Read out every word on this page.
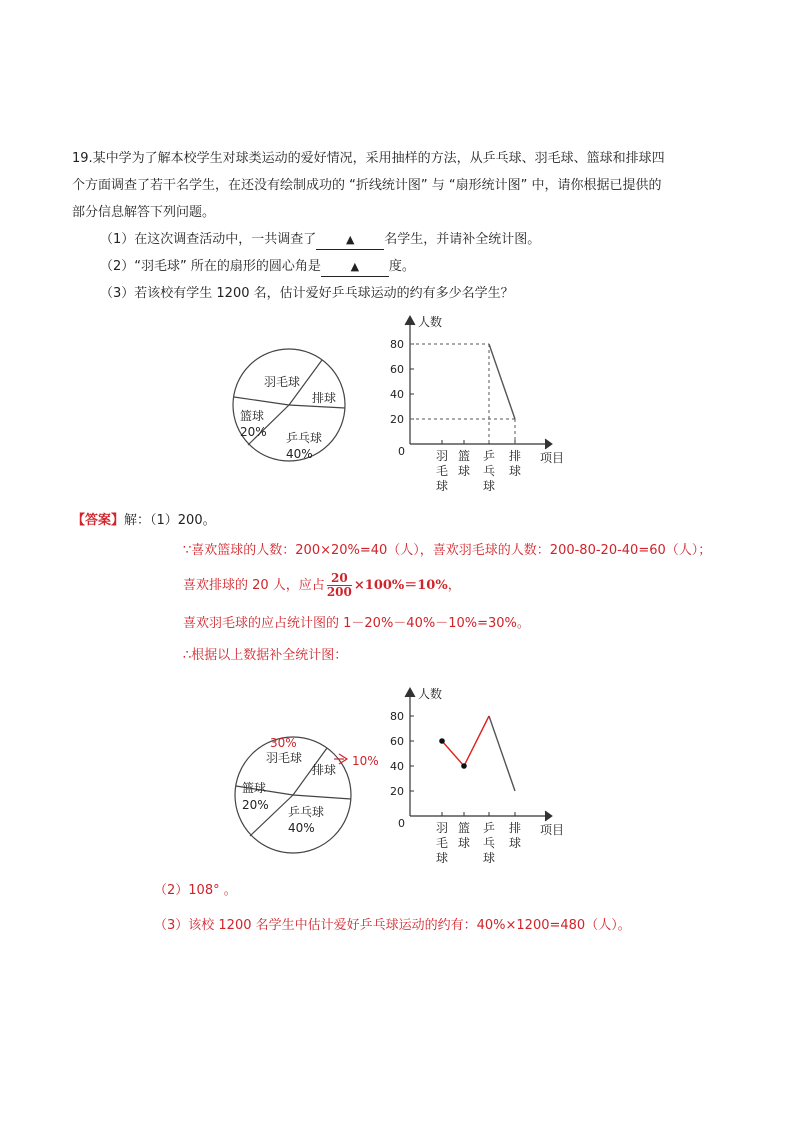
19.某中学为了解本校学生对球类运动的爱好情况，采用抽样的方法，从乒乓球、羽毛球、篮球和排球四
个方面调查了若干名学生，在还没有绘制成功的 “折线统计图” 与 “扇形统计图” 中，请你根据已提供的
部分信息解答下列问题。
（1）在这次调查活动中，一共调查了	▲ 名学生，并请补全统计图。
（2）“羽毛球” 所在的扇形的圆心角是	▲ 度。
（3）若该校有学生 1200 名，估计爱好乒乓球运动的约有多少名学生？
羽毛球
排球
篮球
20% 乒乓球
40%
人数
项目
0
20
40
60
80
羽
毛
球
篮
球
乒
乓
球
排
球
【答案】解：（1）200。
∵喜欢篮球的人数：200×20%=40（人），喜欢羽毛球的人数：200-80-20-40=60（人）；
喜欢排球的 20 人，应占 $\frac{20}{200} \times 100\%=10\%$，
喜欢羽毛球的应占统计图的 1－20%－40%－10%=30%。
∴根据以上数据补全统计图：
30%
羽毛球	10%
排球
篮球
20% 乒乓球
40%
人数
项目
0
20
40
60
80
羽
毛
球
篮
球
乒
乓
球
排
球
（2）108° 。
（3）该校 1200 名学生中估计爱好乒乓球运动的约有：40%×1200=480（人）。
